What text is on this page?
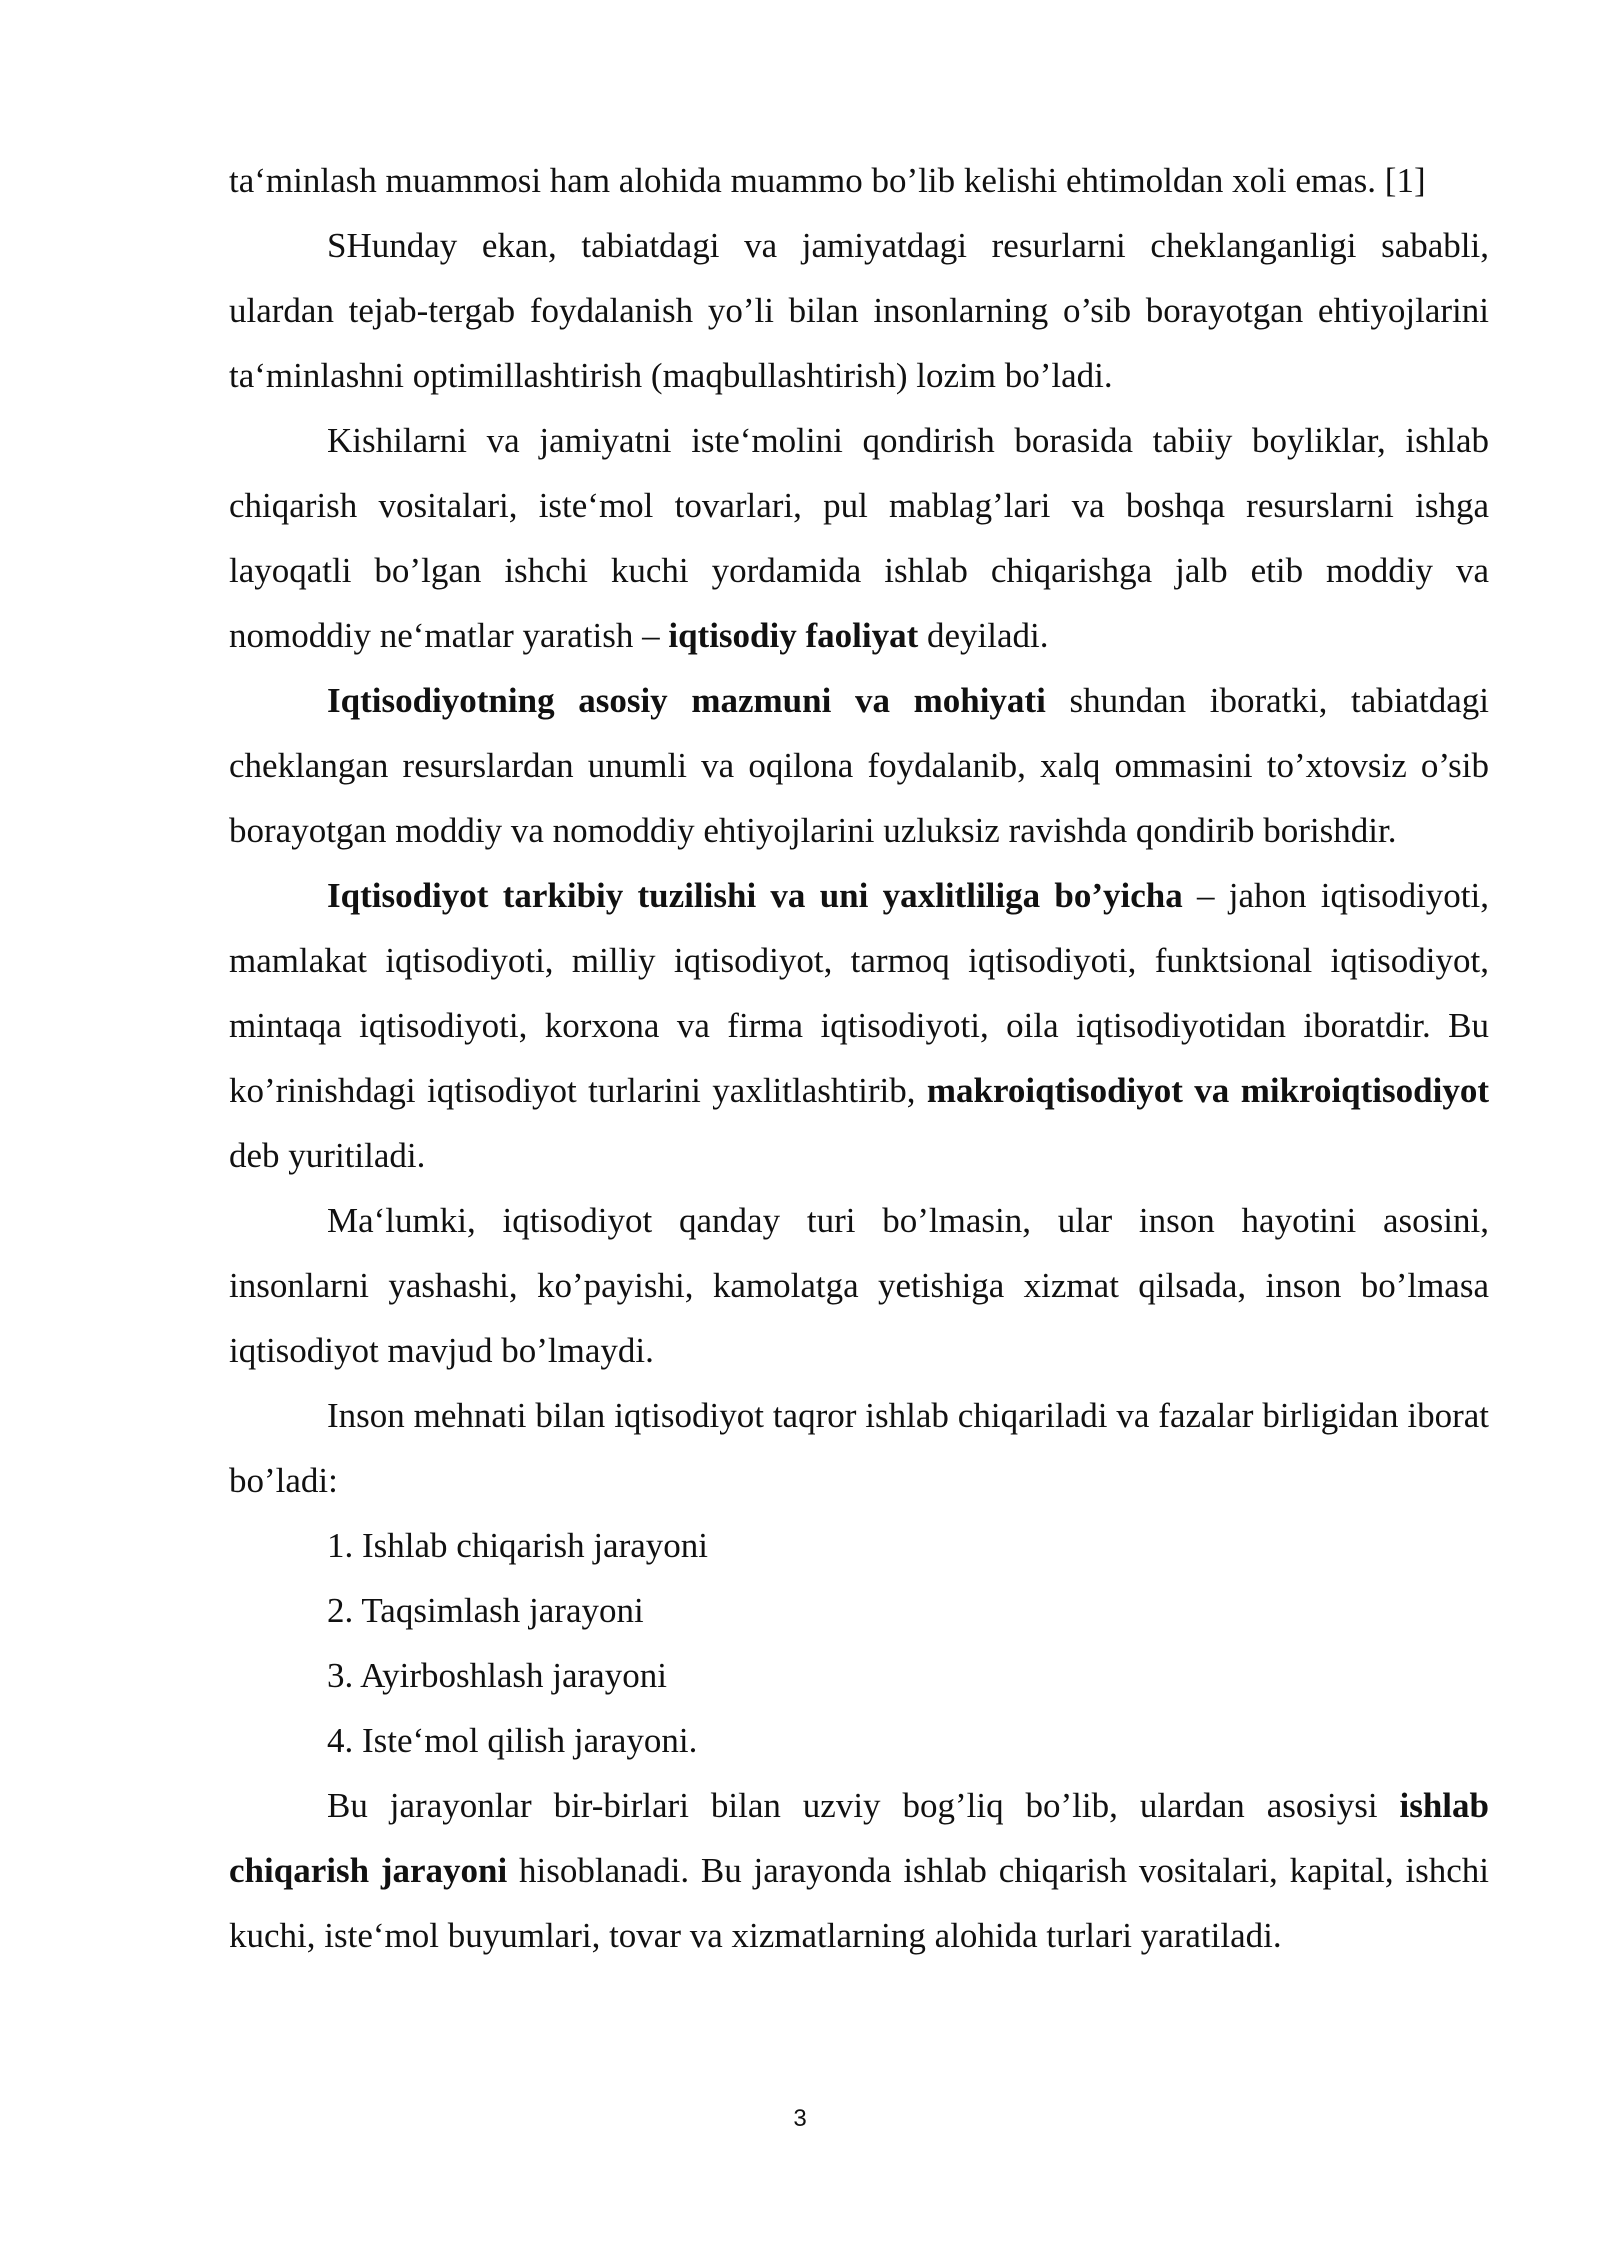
ta‘minlash muammosi ham alohida muammo bo’lib kelishi ehtimoldan xoli emas. [1]

SHunday ekan, tabiatdagi va jamiyatdagi resurlarni cheklanganligi sababli, ulardan tejab-tergab foydalanish yo’li bilan insonlarning o’sib borayotgan ehtiyojlarini ta‘minlashni optimillashtirish (maqbullashtirish) lozim bo’ladi.

Kishilarni va jamiyatni iste‘molini qondirish borasida tabiiy boyliklar, ishlab chiqarish vositalari, iste‘mol tovarlari, pul mablag’lari va boshqa resurslarni ishga layoqatli bo’lgan ishchi kuchi yordamida ishlab chiqarishga jalb etib moddiy va nomoddiy ne‘matlar yaratish – iqtisodiy faoliyat deyiladi.

Iqtisodiyotning asosiy mazmuni va mohiyati shundan iboratki, tabiatdagi cheklangan resurslardan unumli va oqilona foydalanib, xalq ommasini to’xtovsiz o’sib borayotgan moddiy va nomoddiy ehtiyojlarini uzluksiz ravishda qondirib borishdir.

Iqtisodiyot tarkibiy tuzilishi va uni yaxlitliliga bo’yicha – jahon iqtisodiyoti, mamlakat iqtisodiyoti, milliy iqtisodiyot, tarmoq iqtisodiyoti, funktsional iqtisodiyot, mintaqa iqtisodiyoti, korxona va firma iqtisodiyoti, oila iqtisodiyotidan iboratdir. Bu ko’rinishdagi iqtisodiyot turlarini yaxlitlashtirib, makroiqtisodiyot va mikroiqtisodiyot deb yuritiladi.

Ma‘lumki, iqtisodiyot qanday turi bo’lmasin, ular inson hayotini asosini, insonlarni yashashi, ko’payishi, kamolatga yetishiga xizmat qilsada, inson bo’lmasa iqtisodiyot mavjud bo’lmaydi.

Inson mehnati bilan iqtisodiyot taqror ishlab chiqariladi va fazalar birligidan iborat bo’ladi:

1. Ishlab chiqarish jarayoni

2. Taqsimlash jarayoni

3. Ayirboshlash jarayoni

4. Iste‘mol qilish jarayoni.

Bu jarayonlar bir-birlari bilan uzviy bog’liq bo’lib, ulardan asosiysi ishlab chiqarish jarayoni hisoblanadi. Bu jarayonda ishlab chiqarish vositalari, kapital, ishchi kuchi, iste‘mol buyumlari, tovar va xizmatlarning alohida turlari yaratiladi.

3
